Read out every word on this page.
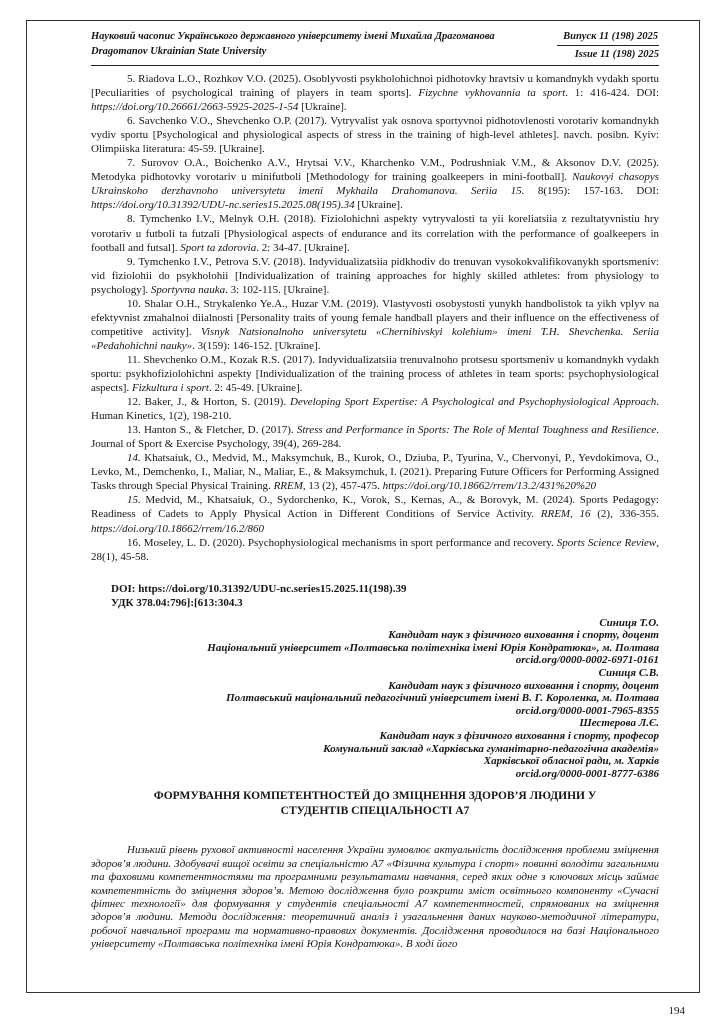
Науковий часопис Українського державного університету імені Михайла Драгоманова
Dragomanov Ukrainian State University
Випуск 11 (198) 2025
Issue 11 (198) 2025

5. Riadova L.O., Rozhkov V.O. (2025). Osoblyvosti psykholohichnoi pidhotovky hravtsiv u komandnykh vydakh sportu [Peculiarities of psychological training of players in team sports]. Fizychne vykhovannia ta sport. 1: 416-424. DOI: https://doi.org/10.26661/2663-5925-2025-1-54 [Ukraine].

6. Savchenko V.O., Shevchenko O.P. (2017). Vytryvalist yak osnova sportyvnoi pidhotovlenosti vorotariv komandnykh vydiv sportu [Psychological and physiological aspects of stress in the training of high-level athletes]. navch. posibn. Kyiv: Olimpiiska literatura: 45-59. [Ukraine].

7. Surovov O.A., Boichenko A.V., Hrytsai V.V., Kharchenko V.M., Podrushniak V.M., & Aksonov D.V. (2025). Metodyka pidhotovky vorotariv u minifutboli [Methodology for training goalkeepers in mini-football]. Naukovyi chasopys Ukrainskoho derzhavnoho universytetu imeni Mykhaila Drahomanova. Seriia 15. 8(195): 157-163. DOI: https://doi.org/10.31392/UDU-nc.series15.2025.08(195).34 [Ukraine].

8. Tymchenko I.V., Melnyk O.H. (2018). Fiziolohichni aspekty vytryvalosti ta yii koreliatsiia z rezultatyvnistiu hry vorotariv u futboli ta futzali [Physiological aspects of endurance and its correlation with the performance of goalkeepers in football and futsal]. Sport ta zdorovia. 2: 34-47. [Ukraine].

9. Tymchenko I.V., Petrova S.V. (2018). Indyvidualizatsiia pidkhodiv do trenuvan vysokokvalifikovanykh sportsmeniv: vid fiziolohii do psykholohii [Individualization of training approaches for highly skilled athletes: from physiology to psychology]. Sportyvna nauka. 3: 102-115. [Ukraine].

10. Shalar O.H., Strykalenko Ye.A., Huzar V.M. (2019). Vlastyvosti osobystosti yunykh handbolistok ta yikh vplyv na efektyvnist zmahalnoi diialnosti [Personality traits of young female handball players and their influence on the effectiveness of competitive activity]. Visnyk Natsionalnoho universytetu «Chernihivskyi kolehium» imeni T.H. Shevchenka. Seriia «Pedahohichni nauky». 3(159): 146-152. [Ukraine].

11. Shevchenko O.M., Kozak R.S. (2017). Indyvidualizatsiia trenuvalnoho protsesu sportsmeniv u komandnykh vydakh sportu: psykhofiziolohichni aspekty [Individualization of the training process of athletes in team sports: psychophysiological aspects]. Fizkultura i sport. 2: 45-49. [Ukraine].

12. Baker, J., & Horton, S. (2019). Developing Sport Expertise: A Psychological and Psychophysiological Approach. Human Kinetics, 1(2), 198-210.

13. Hanton S., & Fletcher, D. (2017). Stress and Performance in Sports: The Role of Mental Toughness and Resilience. Journal of Sport & Exercise Psychology, 39(4), 269-284.

14. Khatsaiuk, O., Medvid, M., Maksymchuk, B., Kurok, O., Dziuba, P., Tyurina, V., Chervonyi, P., Yevdokimova, O., Levko, M., Demchenko, I., Maliar, N., Maliar, E., & Maksymchuk, I. (2021). Preparing Future Officers for Performing Assigned Tasks through Special Physical Training. RREM, 13 (2), 457-475. https://doi.org/10.18662/rrem/13.2/431%20%20

15. Medvid, M., Khatsaiuk, O., Sydorchenko, K., Vorok, S., Kernas, A., & Borovyk, M. (2024). Sports Pedagogy: Readiness of Cadets to Apply Physical Action in Different Conditions of Service Activity. RREM, 16 (2), 336-355. https://doi.org/10.18662/rrem/16.2/860

16. Moseley, L. D. (2020). Psychophysiological mechanisms in sport performance and recovery. Sports Science Review, 28(1), 45-58.

DOI: https://doi.org/10.31392/UDU-nc.series15.2025.11(198).39
УДК 378.04:796]:[613:304.3
Синиця Т.О.
Кандидат наук з фізичного виховання і спорту, доцент
Національний університет «Полтавська політехніка імені Юрія Кондратюка», м. Полтава
orcid.org/0000-0002-6971-0161
Синиця С.В.
Кандидат наук з фізичного виховання і спорту, доцент
Полтавський національний педагогічний університет імені В. Г. Короленка, м. Полтава
orcid.org/0000-0001-7965-8355
Шестерова Л.Є.
Кандидат наук з фізичного виховання і спорту, професор
Комунальний заклад «Харківська гуманітарно-педагогічна академія»
Харківської обласної ради, м. Харків
orcid.org/0000-0001-8777-6386
ФОРМУВАННЯ КОМПЕТЕНТНОСТЕЙ ДО ЗМІЦНЕННЯ ЗДОРОВ’Я ЛЮДИНИ У СТУДЕНТІВ СПЕЦІАЛЬНОСТІ А7

Низький рівень рухової активності населення України зумовлює актуальність дослідження проблеми зміцнення здоров’я людини. Здобувачі вищої освіти за спеціальністю А7 «Фізична культура і спорт» повинні володіти загальними та фаховими компетентностями та програмними результатами навчання, серед яких одне з ключових місць займає компетентність до зміцнення здоров’я. Метою дослідження було розкрити зміст освітнього компоненту «Сучасні фітнес технології» для формування у студентів спеціальності А7 компетентностей, спрямованих на зміцнення здоров’я людини. Методи дослідження: теоретичний аналіз і узагальнення даних науково-методичної літератури, робочої навчальної програми та нормативно-правових документів. Дослідження проводилося на базі Національного університету «Полтавська політехніка імені Юрія Кондратюка». В ході його

194
